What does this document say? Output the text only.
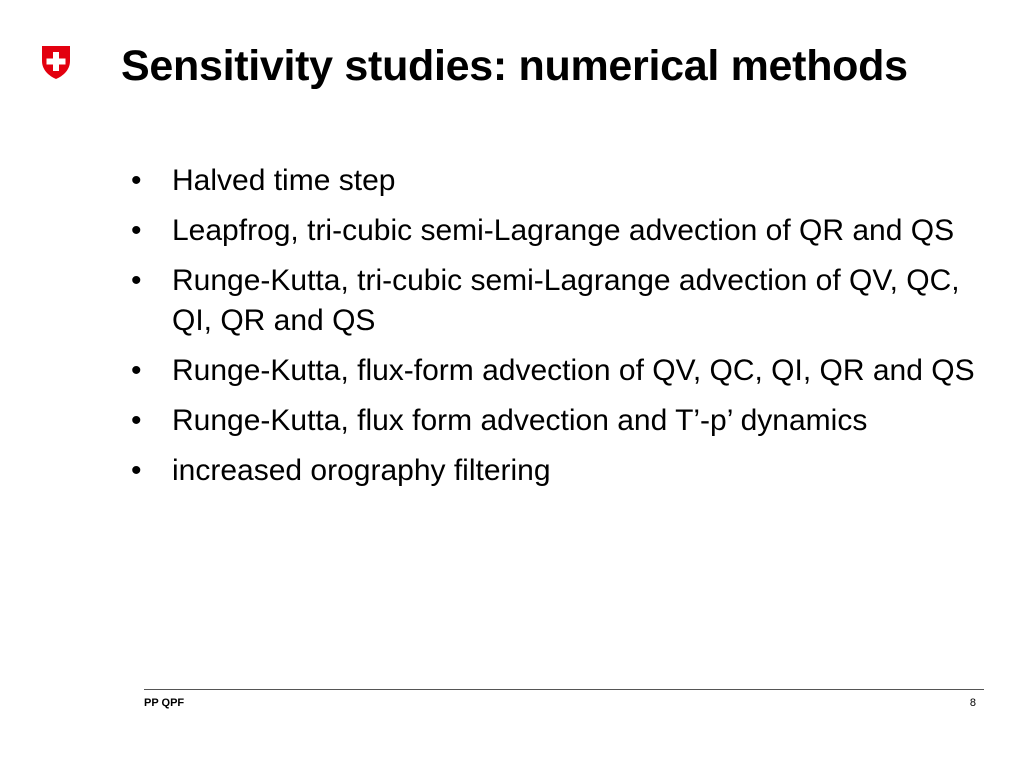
Sensitivity studies: numerical methods
•	Halved time step
•	Leapfrog, tri-cubic semi-Lagrange advection of QR and QS
•	Runge-Kutta, tri-cubic semi-Lagrange advection of QV, QC, QI, QR and QS
•	Runge-Kutta, flux-form advection of QV, QC, QI, QR and QS
•	Runge-Kutta, flux form advection and T’-p’ dynamics
•	increased orography filtering
PP QPF	8
